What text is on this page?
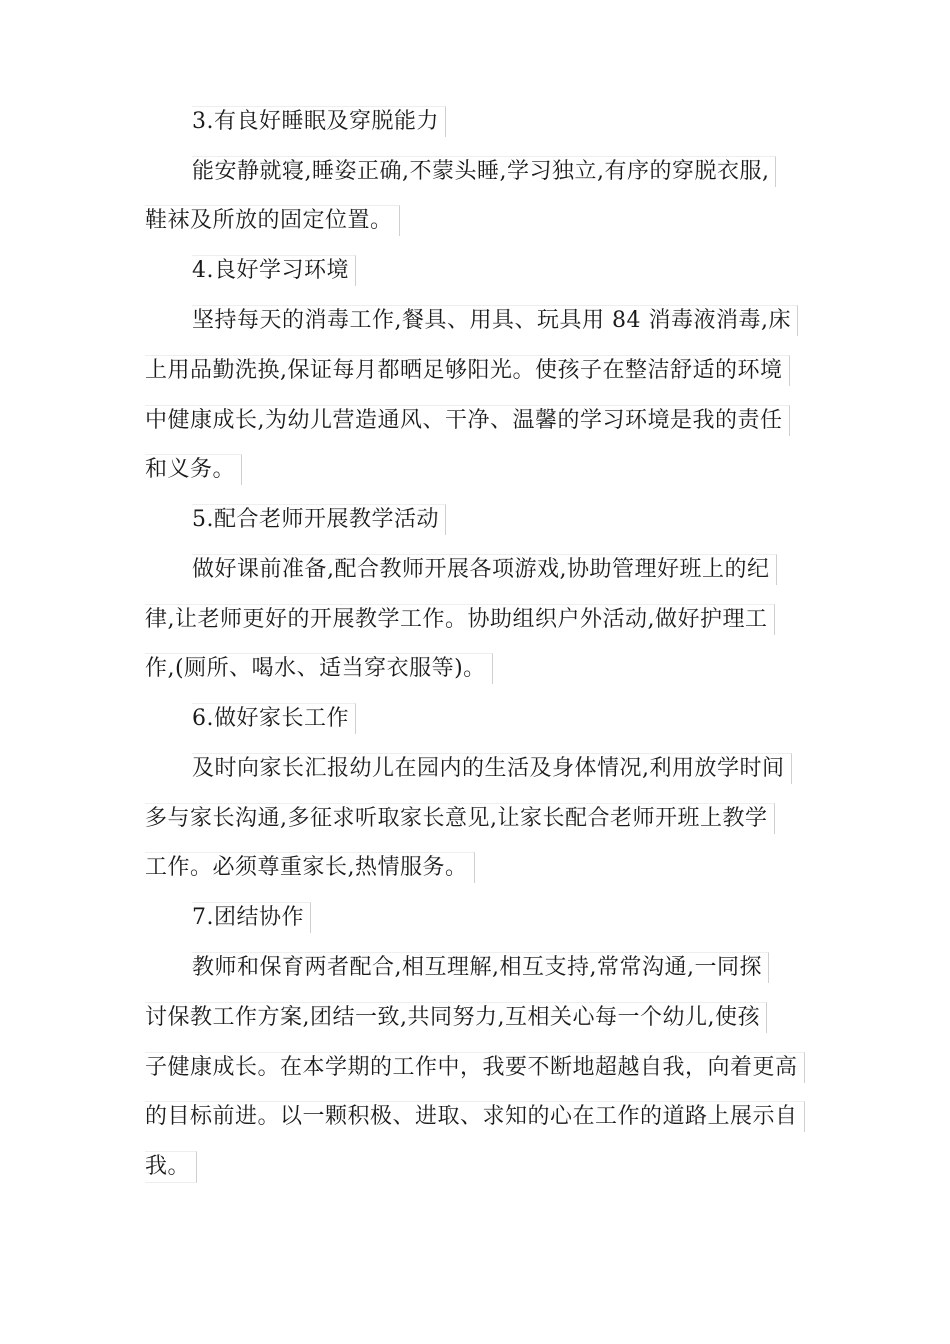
3.有良好睡眠及穿脱能力
能安静就寝,睡姿正确,不蒙头睡,学习独立,有序的穿脱衣服,
鞋袜及所放的固定位置。
4.良好学习环境
坚持每天的消毒工作,餐具、用具、玩具用 84 消毒液消毒,床
上用品勤洗换,保证每月都晒足够阳光。使孩子在整洁舒适的环境
中健康成长,为幼儿营造通风、干净、温馨的学习环境是我的责任
和义务。
5.配合老师开展教学活动
做好课前准备,配合教师开展各项游戏,协助管理好班上的纪
律,让老师更好的开展教学工作。协助组织户外活动,做好护理工
作,(厕所、喝水、适当穿衣服等)。
6.做好家长工作
及时向家长汇报幼儿在园内的生活及身体情况,利用放学时间
多与家长沟通,多征求听取家长意见,让家长配合老师开班上教学
工作。必须尊重家长,热情服务。
7.团结协作
教师和保育两者配合,相互理解,相互支持,常常沟通,一同探
讨保教工作方案,团结一致,共同努力,互相关心每一个幼儿,使孩
子健康成长。在本学期的工作中，我要不断地超越自我，向着更高
的目标前进。以一颗积极、进取、求知的心在工作的道路上展示自
我。
